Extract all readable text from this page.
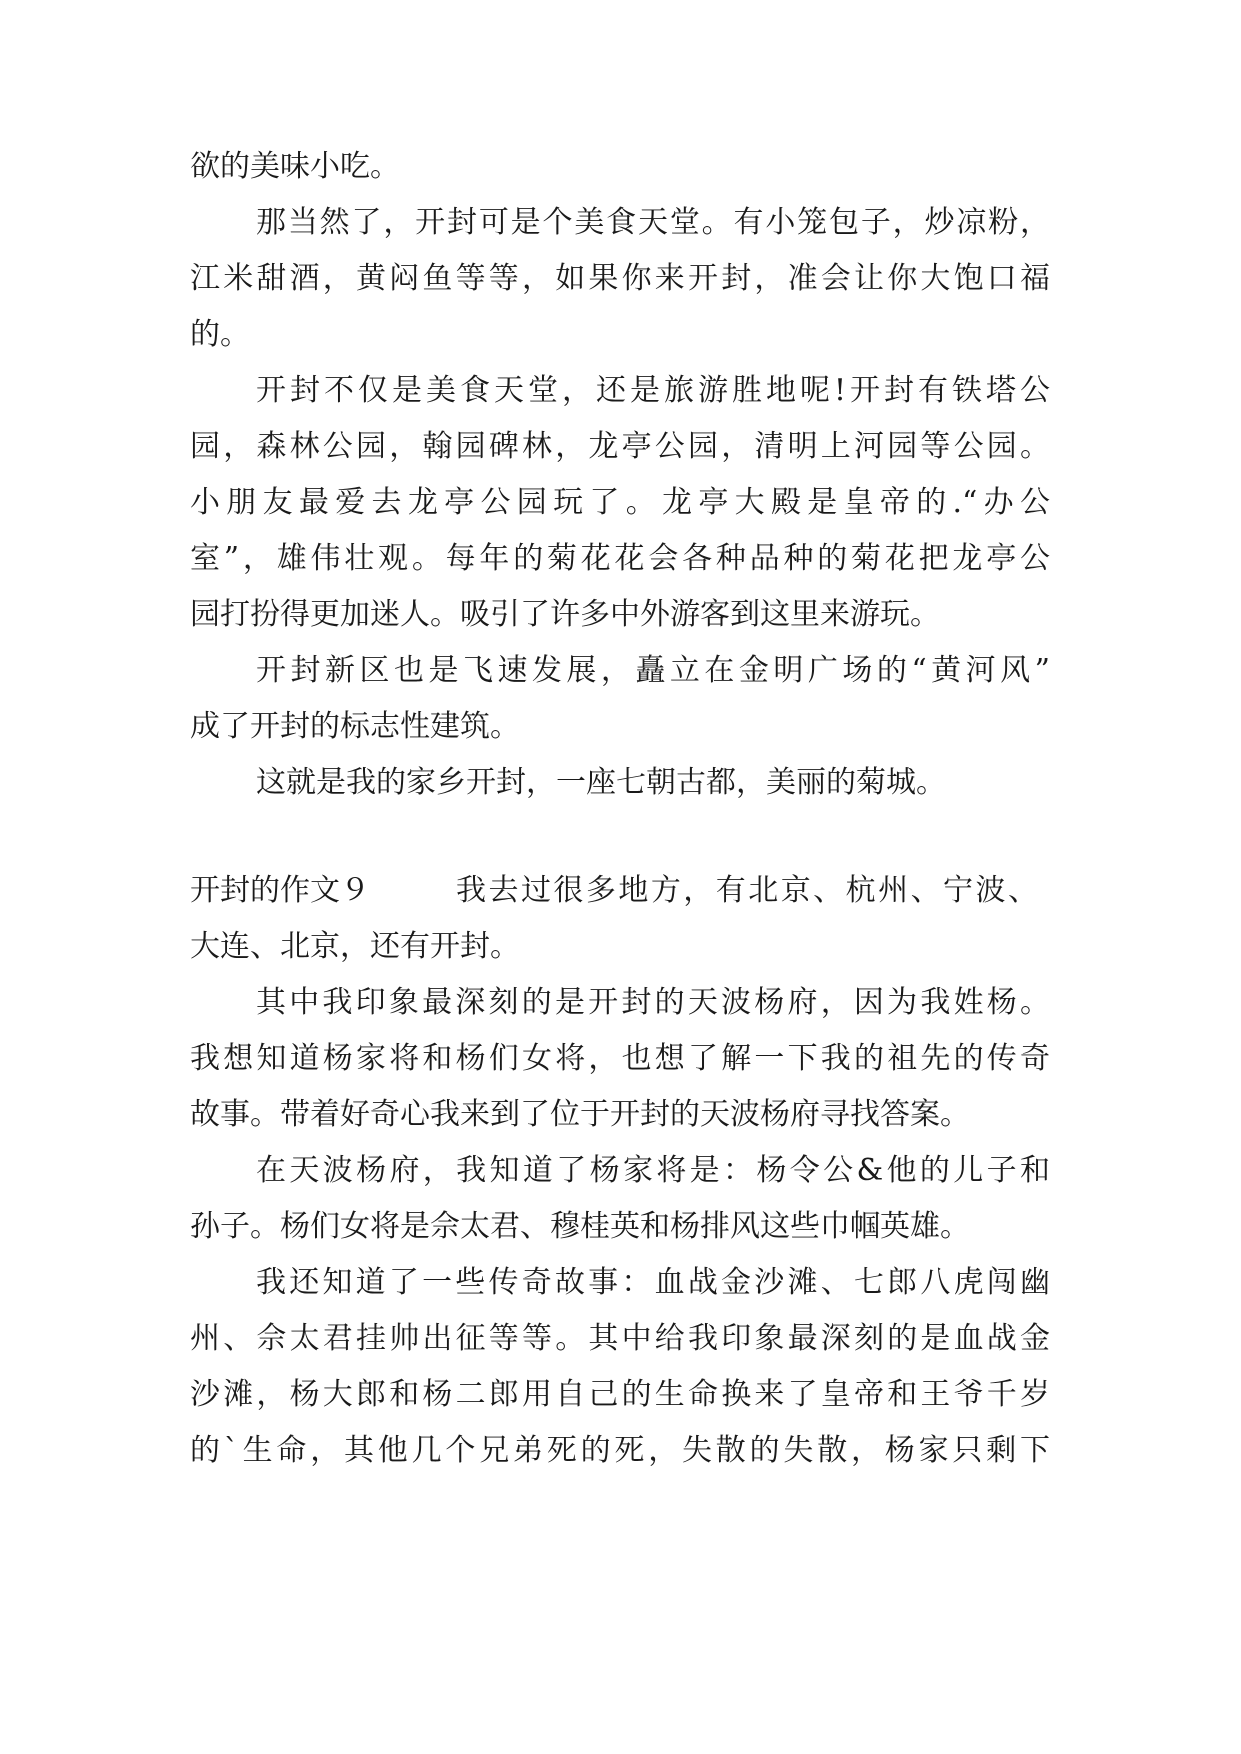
欲的美味小吃。
那当然了，开封可是个美食天堂。有小笼包子，炒凉粉，
江米甜酒，黄闷鱼等等，如果你来开封，准会让你大饱口福
的。
开封不仅是美食天堂，还是旅游胜地呢!开封有铁塔公
园，森林公园，翰园碑林，龙亭公园，清明上河园等公园。
小朋友最爱去龙亭公园玩了。龙亭大殿是皇帝的.“办公
室”，雄伟壮观。每年的菊花花会各种品种的菊花把龙亭公
园打扮得更加迷人。吸引了许多中外游客到这里来游玩。
开封新区也是飞速发展，矗立在金明广场的“黄河风”
成了开封的标志性建筑。
这就是我的家乡开封，一座七朝古都，美丽的菊城。
开封的作文９	我去过很多地方，有北京、杭州、宁波、
大连、北京，还有开封。
其中我印象最深刻的是开封的天波杨府，因为我姓杨。
我想知道杨家将和杨们女将，也想了解一下我的祖先的传奇
故事。带着好奇心我来到了位于开封的天波杨府寻找答案。
在天波杨府，我知道了杨家将是：杨令公&他的儿子和
孙子。杨们女将是佘太君、穆桂英和杨排风这些巾帼英雄。
我还知道了一些传奇故事：血战金沙滩、七郎八虎闯幽
州、佘太君挂帅出征等等。其中给我印象最深刻的是血战金
沙滩，杨大郎和杨二郎用自己的生命换来了皇帝和王爷千岁
的`生命，其他几个兄弟死的死，失散的失散，杨家只剩下
